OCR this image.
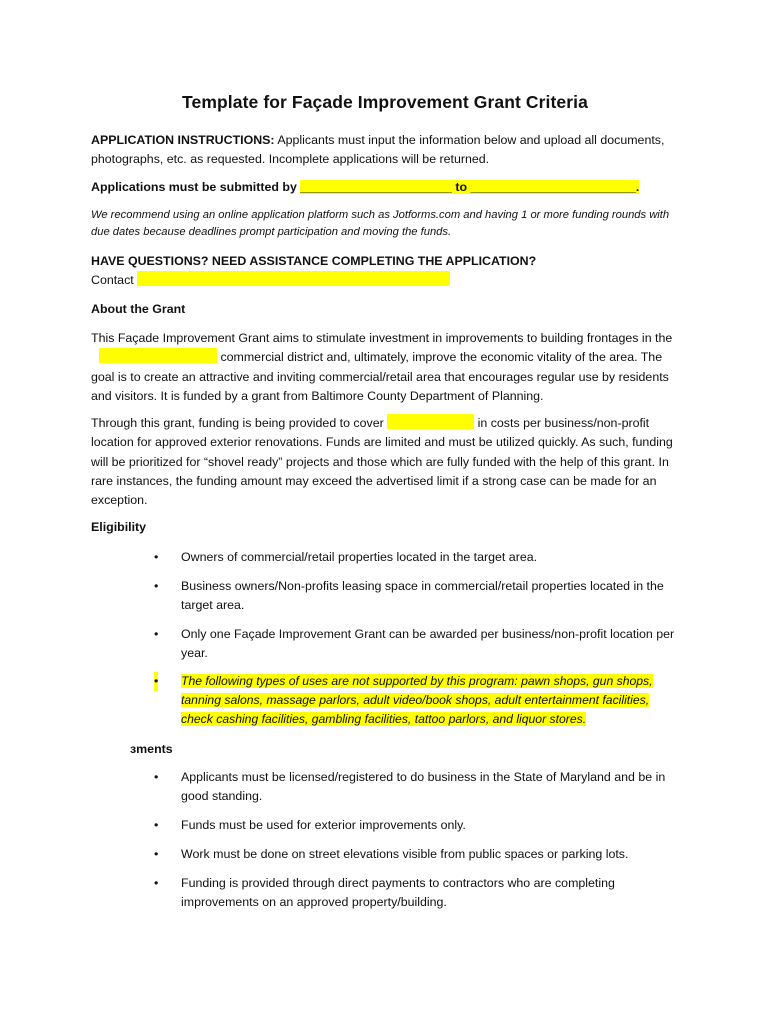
Template for Façade Improvement Grant Criteria
APPLICATION INSTRUCTIONS: Applicants must input the information below and upload all documents, photographs, etc. as requested. Incomplete applications will be returned.
Applications must be submitted by ______________________ to ________________________.
We recommend using an online application platform such as Jotforms.com and having 1 or more funding rounds with due dates because deadlines prompt participation and moving the funds.
HAVE QUESTIONS? NEED ASSISTANCE COMPLETING THE APPLICATION?
Contact
About the Grant
This Façade Improvement Grant aims to stimulate investment in improvements to building frontages in the  commercial district and, ultimately, improve the economic vitality of the area. The goal is to create an attractive and inviting commercial/retail area that encourages regular use by residents and visitors. It is funded by a grant from Baltimore County Department of Planning.
Through this grant, funding is being provided to cover	in costs per business/non-profit location for approved exterior renovations. Funds are limited and must be utilized quickly. As such, funding will be prioritized for “shovel ready” projects and those which are fully funded with the help of this grant. In rare instances, the funding amount may exceed the advertised limit if a strong case can be made for an exception.
Eligibility
• Owners of commercial/retail properties located in the target area.
• Business owners/Non-profits leasing space in commercial/retail properties located in the target area.
• Only one Façade Improvement Grant can be awarded per business/non-profit location per year.
• The following types of uses are not supported by this program: pawn shops, gun shops, tanning salons, massage parlors, adult video/book shops, adult entertainment facilities, check cashing facilities, gambling facilities, tattoo parlors, and liquor stores.
ɜments
• Applicants must be licensed/registered to do business in the State of Maryland and be in good standing.
• Funds must be used for exterior improvements only.
• Work must be done on street elevations visible from public spaces or parking lots.
• Funding is provided through direct payments to contractors who are completing improvements on an approved property/building.
